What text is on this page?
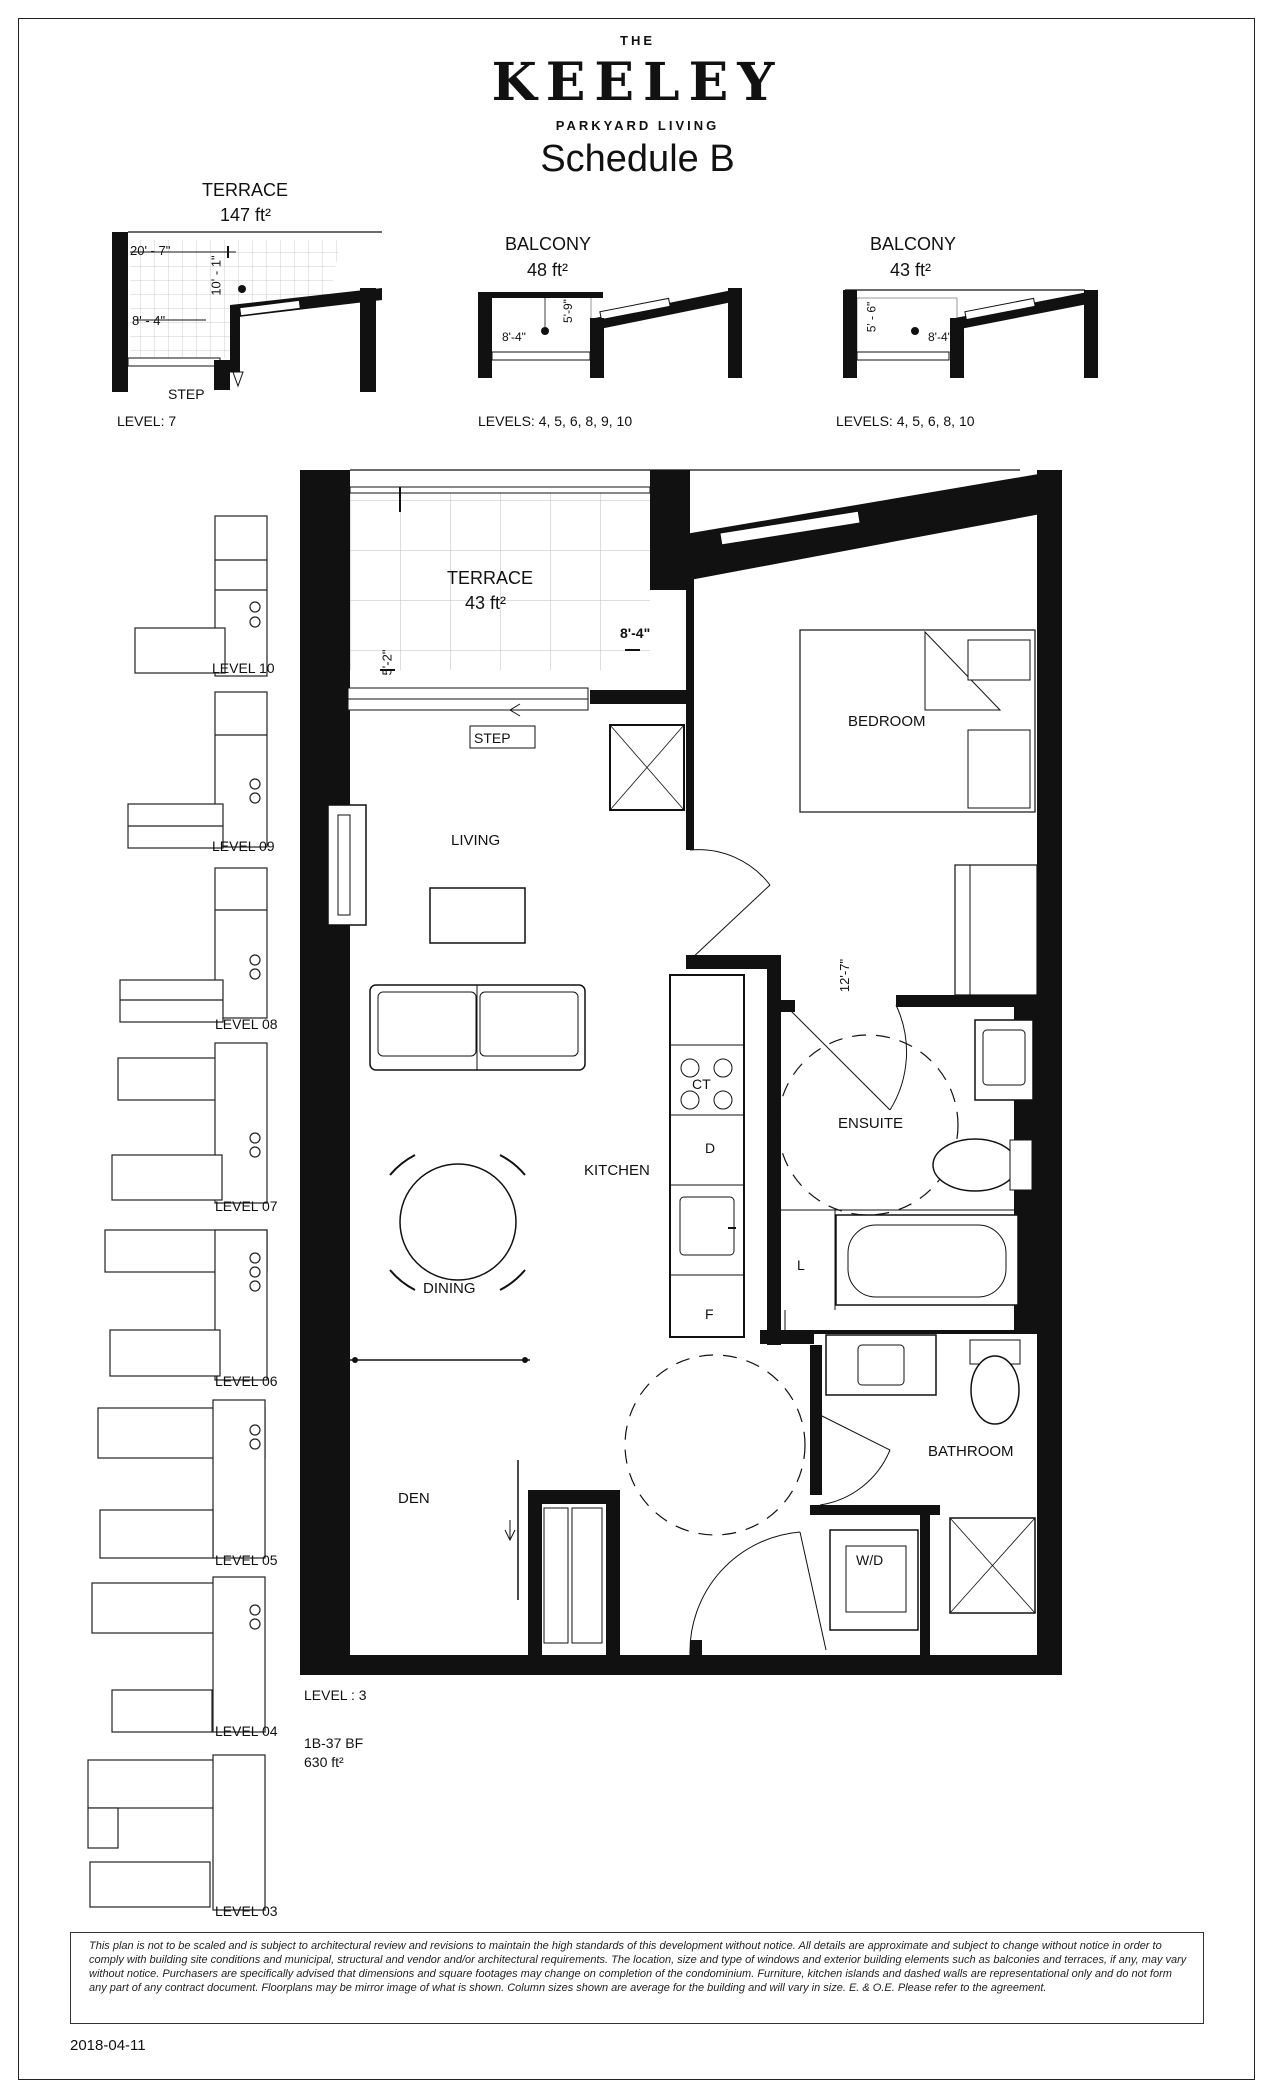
THE
KEELEY
PARKYARD LIVING
Schedule B
TERRACE
147 ft²
20' - 7"
10' - 1"
8' - 4"
STEP
LEVEL: 7
BALCONY
48 ft²
5'-9"
8'-4"
LEVELS: 4, 5, 6, 8, 9, 10
BALCONY
43 ft²
5' - 6"
8'-4"
LEVELS: 4, 5, 6, 8, 10
LEVEL 10
LEVEL 09
LEVEL 08
LEVEL 07
LEVEL 06
LEVEL 05
LEVEL 04
LEVEL 03
TERRACE
43 ft²
8'-4"
5'-2"
STEP
BEDROOM
LIVING
12'-7"
ENSUITE
KITCHEN
DINING
DEN
BATHROOM
CT
D
F
L
W/D
LEVEL : 3
1B-37 BF
630 ft²
This plan is not to be scaled and is subject to architectural review and revisions to maintain the high standards of this development without notice. All details are approximate and subject to change without notice in order to comply with building site conditions and municipal, structural and vendor and/or architectural requirements. The location, size and type of windows and exterior building elements such as balconies and terraces, if any, may vary without notice. Purchasers are specifically advised that dimensions and square footages may change on completion of the condominium. Furniture, kitchen islands and dashed walls are representational only and do not form any part of any contract document. Floorplans may be mirror image of what is shown. Column sizes shown are average for the building and will vary in size. E. & O.E. Please refer to the agreement.
2018-04-11
